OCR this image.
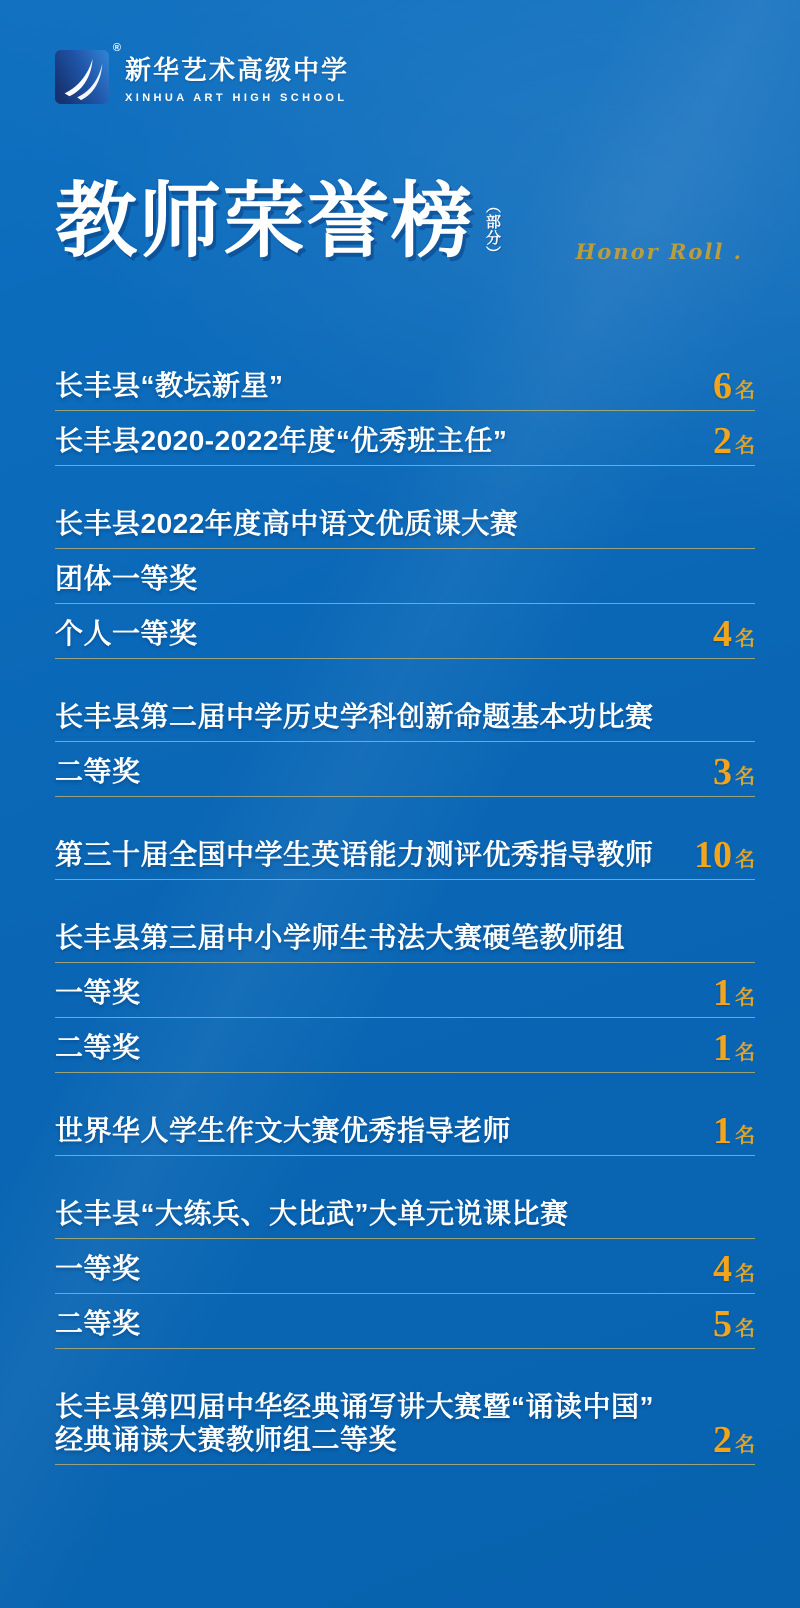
®
新华艺术高级中学
XINHUA ART HIGH SCHOOL
教师荣誉榜 （部分）	Honor Roll .
长丰县“教坛新星”	6 名
长丰县2020-2022年度“优秀班主任”	2 名
长丰县2022年度高中语文优质课大赛
团体一等奖
个人一等奖	4 名
长丰县第二届中学历史学科创新命题基本功比赛
二等奖	3 名
第三十届全国中学生英语能力测评优秀指导教师 10 名
长丰县第三届中小学师生书法大赛硬笔教师组
一等奖	1 名
二等奖	1 名
世界华人学生作文大赛优秀指导老师	1 名
长丰县“大练兵、大比武”大单元说课比赛
一等奖	4 名
二等奖	5 名
长丰县第四届中华经典诵写讲大赛暨“诵读中国”
经典诵读大赛教师组二等奖	2 名
